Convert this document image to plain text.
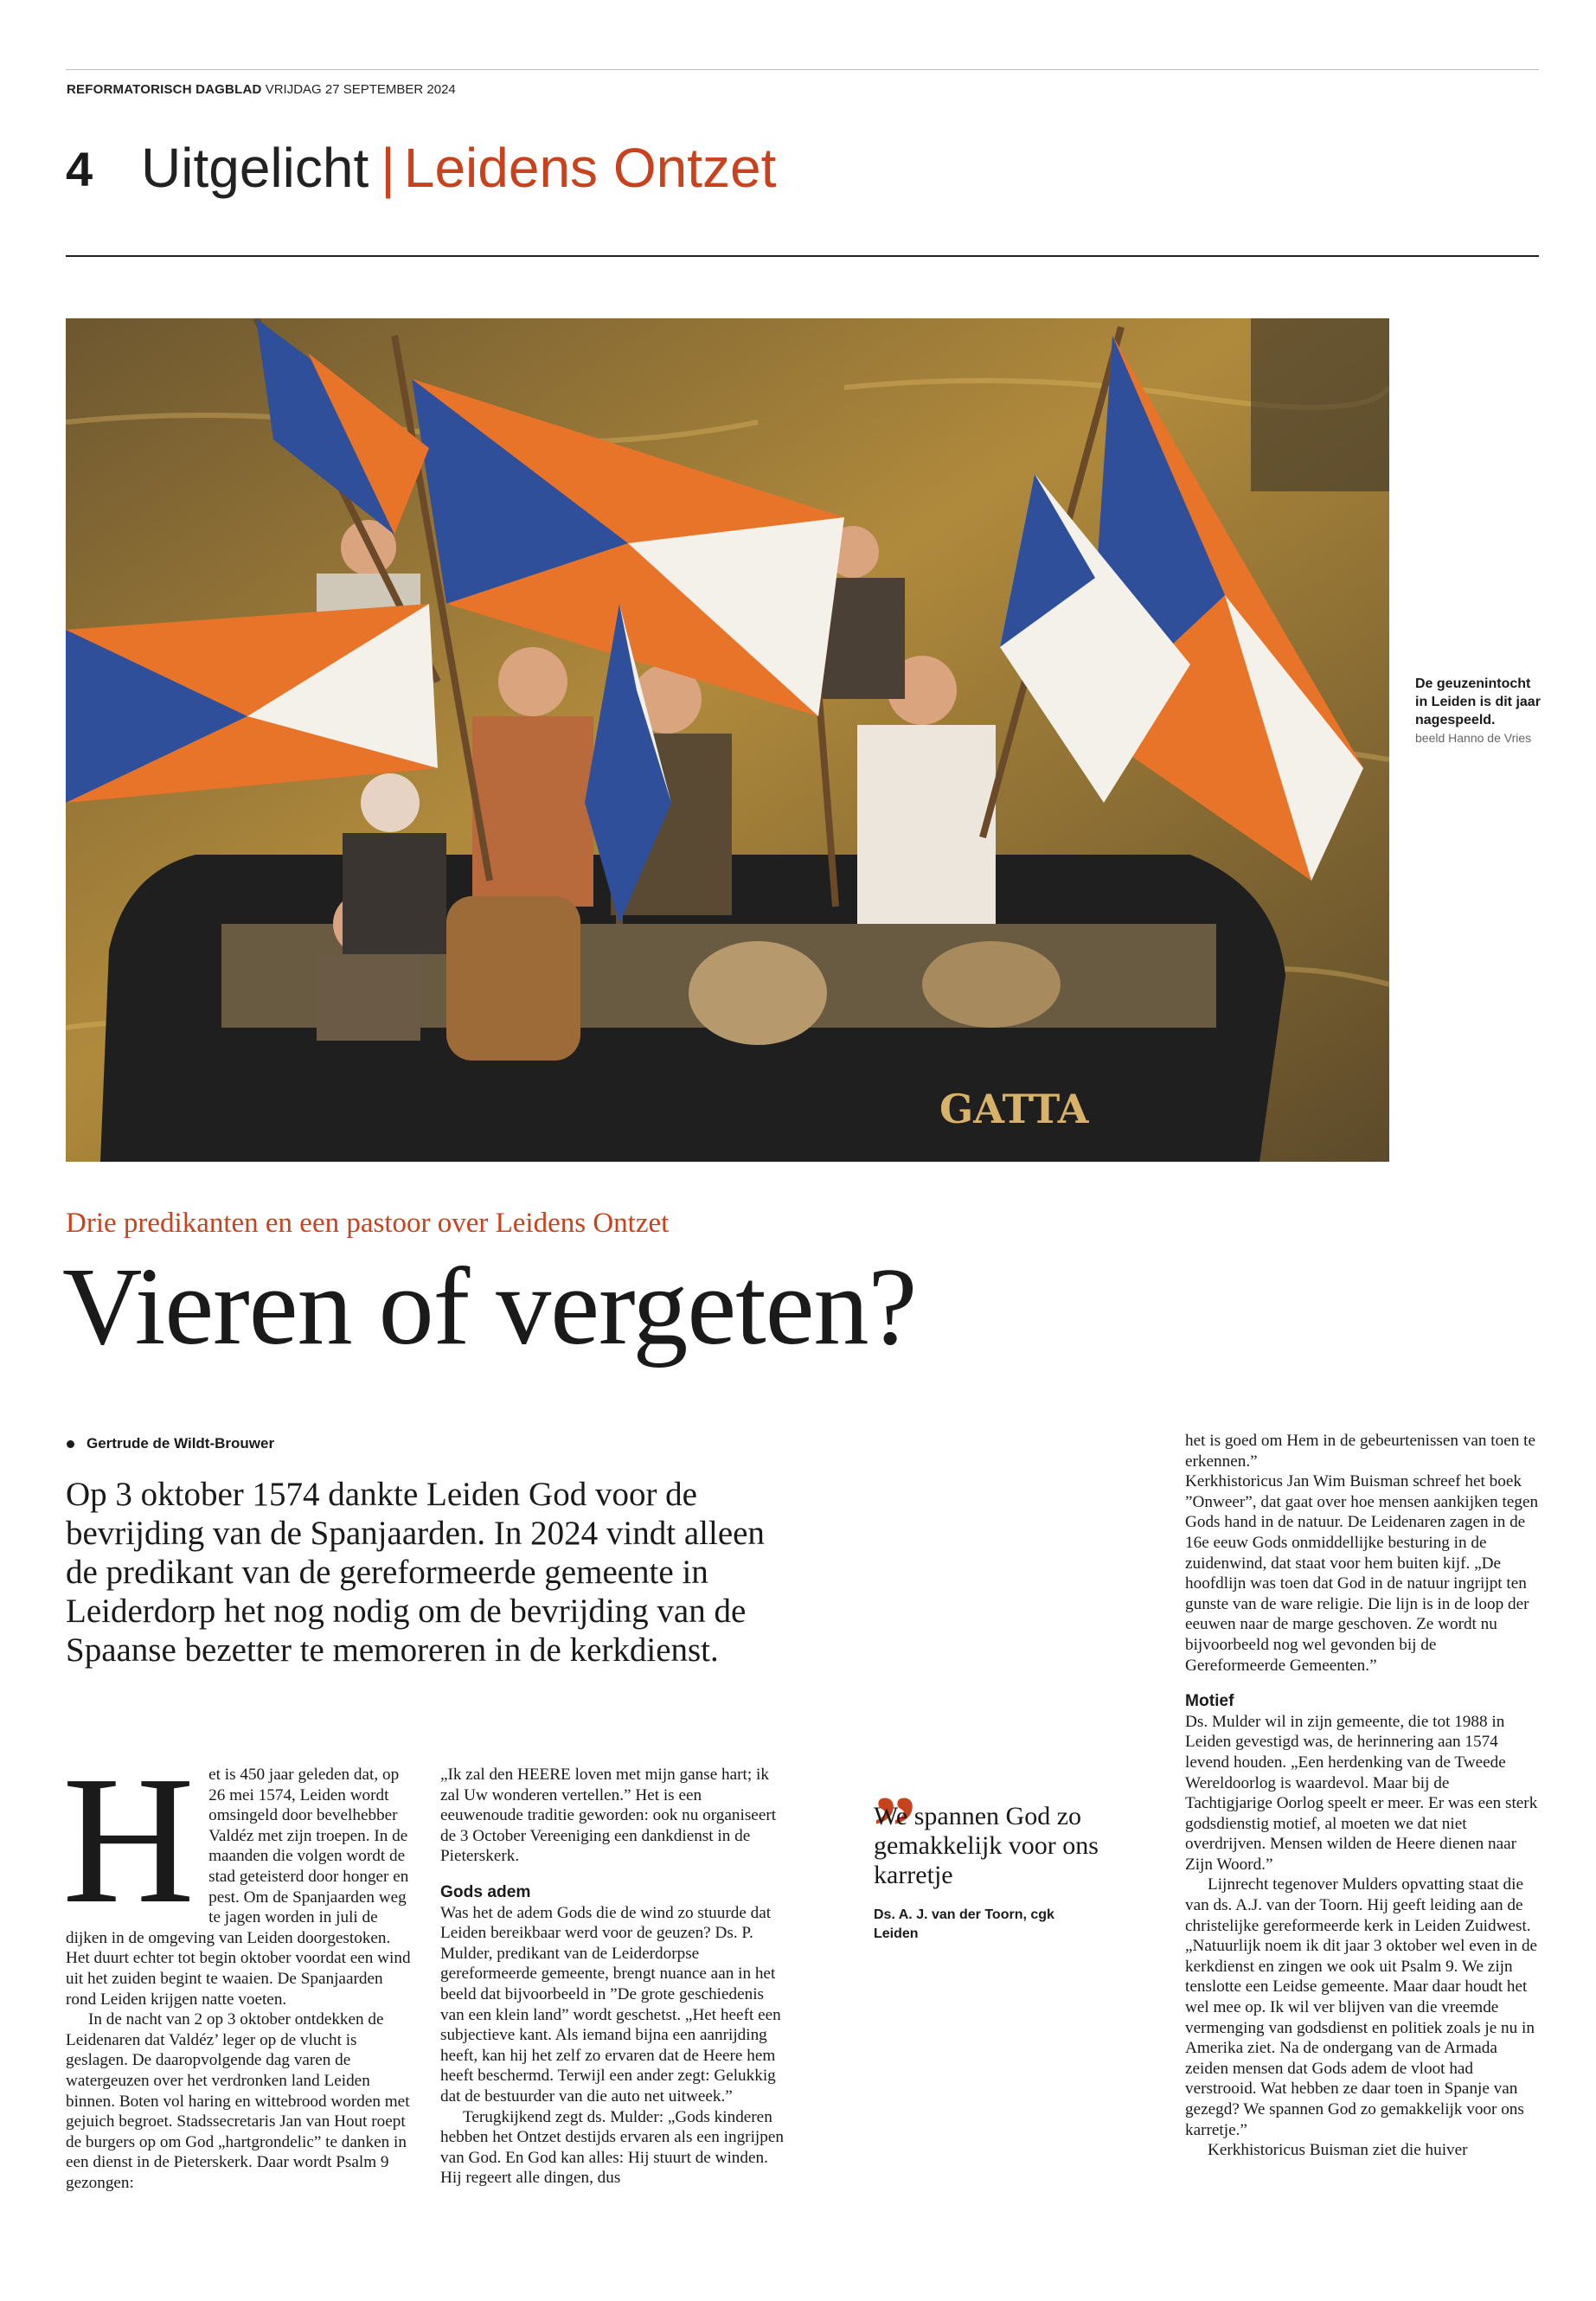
REFORMATORISCH DAGBLAD VRIJDAG 27 SEPTEMBER 2024
4 Uitgelicht | Leidens Ontzet
GATTA
De geuzenintocht in Leiden is dit jaar nagespeeld.
beeld Hanno de Vries
Drie predikanten en een pastoor over Leidens Ontzet
Vieren of vergeten?
Gertrude de Wildt-Brouwer
Op 3 oktober 1574 dankte Leiden God voor de bevrijding van de Spanjaarden. In 2024 vindt alleen de predikant van de gereformeerde gemeente in Leiderdorp het nog nodig om de bevrijding van de Spaanse bezetter te memoreren in de kerkdienst.
H et is 450 jaar geleden dat, op 26 mei 1574, Leiden wordt omsingeld door bevelhebber Valdéz met zijn troepen. In de maanden die volgen wordt de stad geteisterd door honger en pest. Om de Spanjaarden weg te jagen worden in juli de dijken in de omgeving van Leiden doorgestoken. Het duurt echter tot begin oktober voordat een wind uit het zuiden begint te waaien. De Spanjaarden rond Leiden krijgen natte voeten.

In de nacht van 2 op 3 oktober ontdekken de Leidenaren dat Valdéz’ leger op de vlucht is geslagen. De daaropvolgende dag varen de watergeuzen over het verdronken land Leiden binnen. Boten vol haring en wittebrood worden met gejuich begroet. Stadssecretaris Jan van Hout roept de burgers op om God „hartgrondelic” te danken in een dienst in de Pieterskerk. Daar wordt Psalm 9 gezongen:

„Ik zal den HEERE loven met mijn ganse hart; ik zal Uw wonderen vertellen.” Het is een eeuwenoude traditie geworden: ook nu organiseert de 3 October Vereeniging een dankdienst in de Pieterskerk.

Gods adem

Was het de adem Gods die de wind zo stuurde dat Leiden bereikbaar werd voor de geuzen? Ds. P. Mulder, predikant van de Leiderdorpse gereformeerde gemeente, brengt nuance aan in het beeld dat bijvoorbeeld in ”De grote geschiedenis van een klein land” wordt geschetst. „Het heeft een subjectieve kant. Als iemand bijna een aanrijding heeft, kan hij het zelf zo ervaren dat de Heere hem heeft beschermd. Terwijl een ander zegt: Gelukkig dat de bestuurder van die auto net uitweek.”

Terugkijkend zegt ds. Mulder: „Gods kinderen hebben het Ontzet destijds ervaren als een ingrijpen van God. En God kan alles: Hij stuurt de winden. Hij regeert alle dingen, dus

„
We spannen God zo gemakkelijk voor ons karretje
Ds. A. J. van der Toorn, cgk Leiden

het is goed om Hem in de gebeurtenissen van toen te erkennen.”

Kerkhistoricus Jan Wim Buisman schreef het boek ”Onweer”, dat gaat over hoe mensen aankijken tegen Gods hand in de natuur. De Leidenaren zagen in de 16e eeuw Gods onmiddellijke besturing in de zuidenwind, dat staat voor hem buiten kijf. „De hoofdlijn was toen dat God in de natuur ingrijpt ten gunste van de ware religie. Die lijn is in de loop der eeuwen naar de marge geschoven. Ze wordt nu bijvoorbeeld nog wel gevonden bij de Gereformeerde Gemeenten.”

Motief

Ds. Mulder wil in zijn gemeente, die tot 1988 in Leiden gevestigd was, de herinnering aan 1574 levend houden. „Een herdenking van de Tweede Wereldoorlog is waardevol. Maar bij de Tachtigjarige Oorlog speelt er meer. Er was een sterk godsdienstig motief, al moeten we dat niet overdrijven. Mensen wilden de Heere dienen naar Zijn Woord.”

Lijnrecht tegenover Mulders opvatting staat die van ds. A.J. van der Toorn. Hij geeft leiding aan de christelijke gereformeerde kerk in Leiden Zuidwest. „Natuurlijk noem ik dit jaar 3 oktober wel even in de kerkdienst en zingen we ook uit Psalm 9. We zijn tenslotte een Leidse gemeente. Maar daar houdt het wel mee op. Ik wil ver blijven van die vreemde vermenging van godsdienst en politiek zoals je nu in Amerika ziet. Na de ondergang van de Armada zeiden mensen dat Gods adem de vloot had verstrooid. Wat hebben ze daar toen in Spanje van gezegd? We spannen God zo gemakkelijk voor ons karretje.”

Kerkhistoricus Buisman ziet die huiver
